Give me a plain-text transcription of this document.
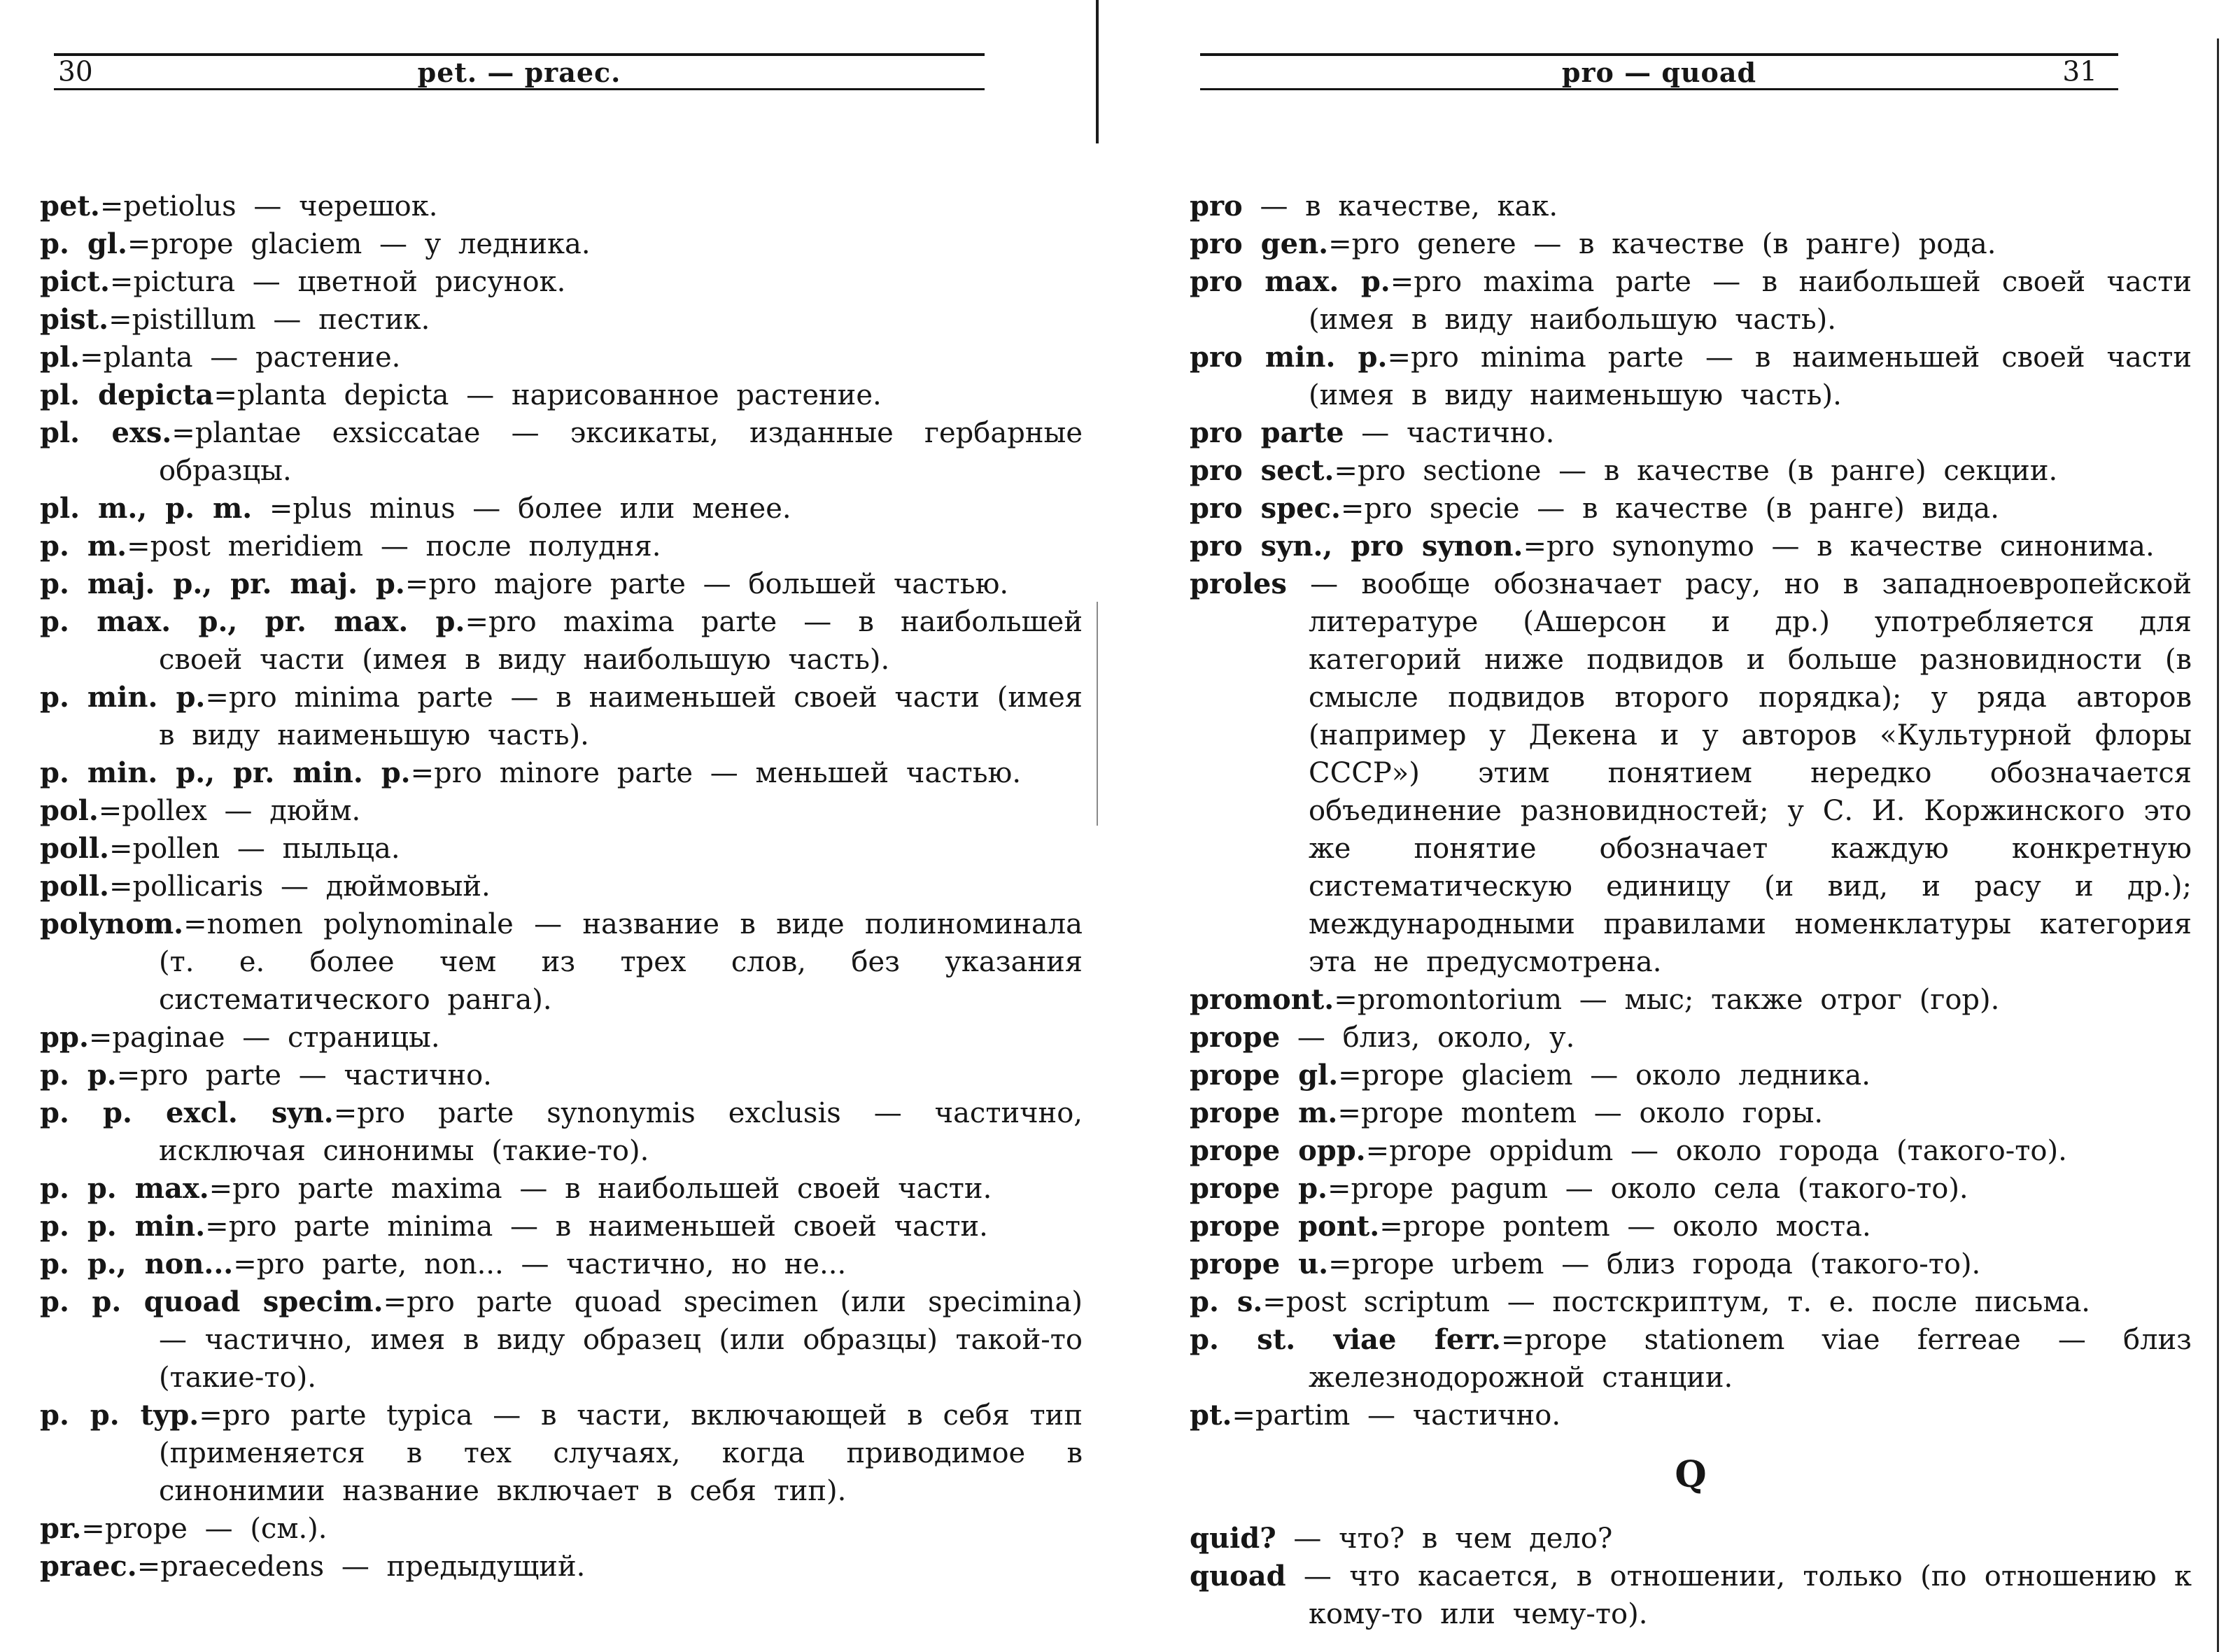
30	pet. — praec.
pet.=petiolus — черешок.
p. gl.=prope glaciem — у ледника.
pict.=pictura — цветной рисунок.
pist.=pistillum — пестик.
pl.=planta — растение.
pl. depicta=planta depicta — нарисованное растение.
pl. exs.=plantae exsiccatae — эксикаты, изданные гербарные образцы.
pl. m., p. m. =plus minus — более или менее.
p. m.=post meridiem — после полудня.
p. maj. p., pr. maj. p.=pro majore parte — большей частью.
p. max. p., pr. max. p.=pro maxima parte — в наибольшей своей части (имея в виду наибольшую часть).
p. min. p.=pro minima parte — в наименьшей своей части (имея в виду наименьшую часть).
p. min. p., pr. min. p.=pro minore parte — меньшей частью.
pol.=pollex — дюйм.
poll.=pollen — пыльца.
poll.=pollicaris — дюймовый.
polynom.=nomen polynominale — название в виде полиноминала (т. е. более чем из трех слов, без указания систематического ранга).
pp.=paginae — страницы.
p. p.=pro parte — частично.
p. p. excl. syn.=pro parte synonymis exclusis — частично, исключая синонимы (такие-то).
p. p. max.=pro parte maxima — в наибольшей своей части.
p. p. min.=pro parte minima — в наименьшей своей части.
p. p., non...=pro parte, non... — частично, но не...
p. p. quoad specim.=pro parte quoad specimen (или specimina) — частично, имея в виду образец (или образцы) такой-то (такие-то).
p. p. typ.=pro parte typica — в части, включающей в себя тип (применяется в тех случаях, когда приводимое в синонимии название включает в себя тип).
pr.=prope — (см.).
praec.=praecedens — предыдущий.
pro — quoad	31
pro — в качестве, как.
pro gen.=pro genere — в качестве (в ранге) рода.
pro max. p.=pro maxima parte — в наибольшей своей части (имея в виду наибольшую часть).
pro min. p.=pro minima parte — в наименьшей своей части (имея в виду наименьшую часть).
pro parte — частично.
pro sect.=pro sectione — в качестве (в ранге) секции.
pro spec.=pro specie — в качестве (в ранге) вида.
pro syn., pro synon.=pro synonymo — в качестве синонима.
proles — вообще обозначает расу, но в западноевропейской литературе (Ашерсон и др.) употребляется для категорий ниже подвидов и больше разновидности (в смысле подвидов второго порядка); у ряда авторов (например у Декена и у авторов «Культурной флоры СССР») этим понятием нередко обозначается объединение разновидностей; у С. И. Коржинского это же понятие обозначает каждую конкретную систематическую единицу (и вид, и расу и др.); международными правилами номенклатуры категория эта не предусмотрена.
promont.=promontorium — мыс; также отрог (гор).
prope — близ, около, у.
prope gl.=prope glaciem — около ледника.
prope m.=prope montem — около горы.
prope opp.=prope oppidum — около города (такого-то).
prope p.=prope pagum — около села (такого-то).
prope pont.=prope pontem — около моста.
prope u.=prope urbem — близ города (такого-то).
p. s.=post scriptum — постскриптум, т. е. после письма.
p. st. viae ferr.=prope stationem viae ferreae — близ железнодорожной станции.
pt.=partim — частично.
Q
quid? — что? в чем дело?
quoad — что касается, в отношении, только (по отношению к кому-то или чему-то).
